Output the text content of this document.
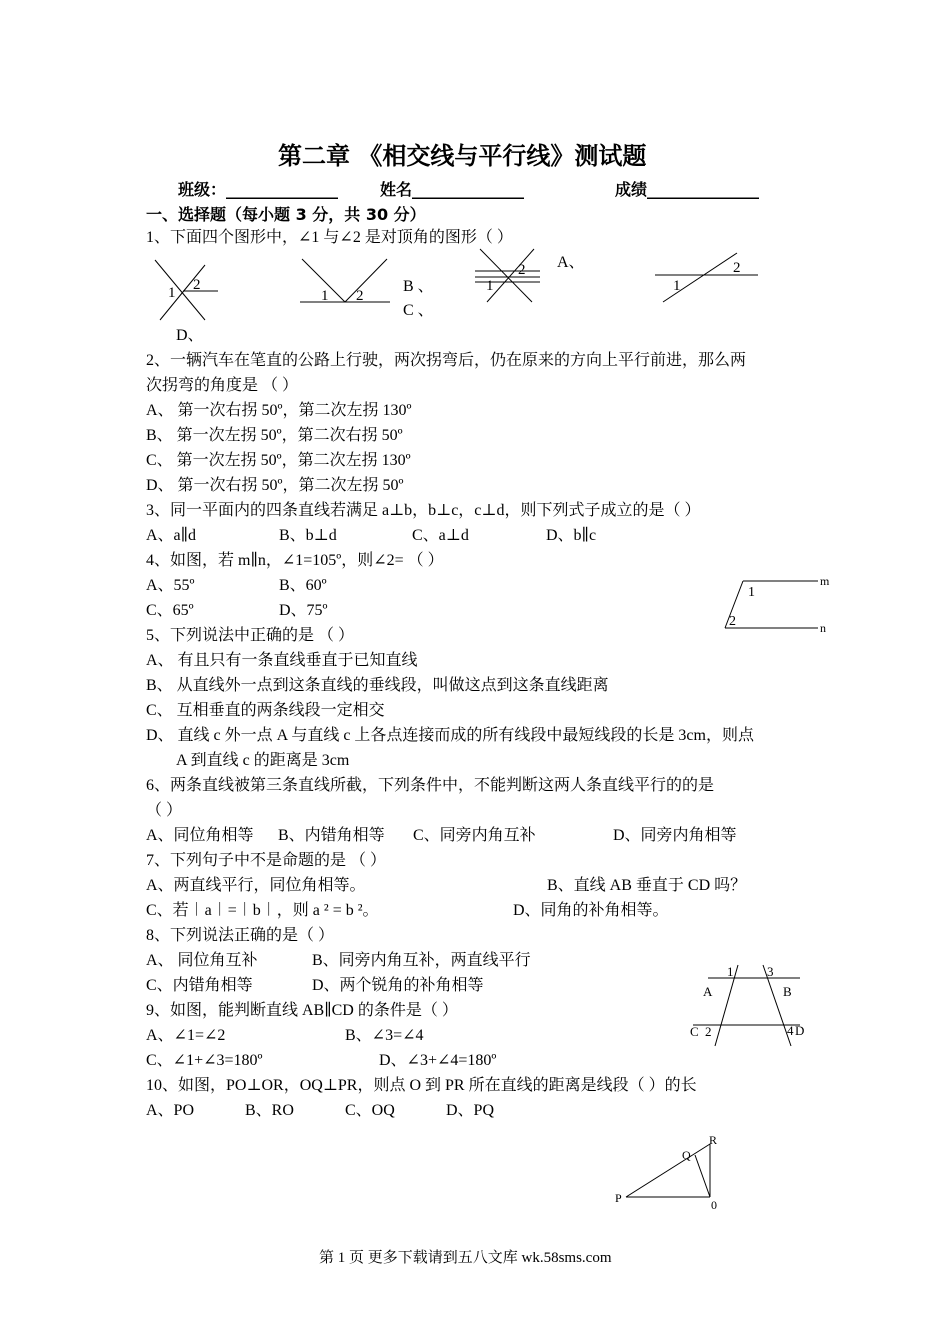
第二章 《相交线与平行线》测试题
班级：______________	姓名______________	成绩______________
一、选择题（每小题 3 分，共 30 分）
1、下面四个图形中，∠1 与∠2 是对顶角的图形（ ）
1 2
1 2
B 、
C 、
1
2 A、
1
2
D、
2、一辆汽车在笔直的公路上行驶，两次拐弯后，仍在原来的方向上平行前进，那么两
次拐弯的角度是 （ ）
A、 第一次右拐 50º，第二次左拐 130º
B、 第一次左拐 50º，第二次右拐 50º
C、 第一次左拐 50º，第二次左拐 130º
D、 第一次右拐 50º，第二次左拐 50º
3、同一平面内的四条直线若满足 a⊥b，b⊥c，c⊥d，则下列式子成立的是（ ）
A、a∥d	B、b⊥d	C、a⊥d	D、b∥c
4、如图，若 m∥n，∠1=105º，则∠2= （ ）
A、55º	B、60º
C、65º	D、75º
m
n
1
2
5、下列说法中正确的是 （ ）
A、 有且只有一条直线垂直于已知直线
B、 从直线外一点到这条直线的垂线段，叫做这点到这条直线距离
C、 互相垂直的两条线段一定相交
D、 直线 c 外一点 A 与直线 c 上各点连接而成的所有线段中最短线段的长是 3cm，则点
A 到直线 c 的距离是 3cm
6、两条直线被第三条直线所截，下列条件中，不能判断这两人条直线平行的的是
（ ）
A、同位角相等 B、内错角相等 C、同旁内角互补	D、同旁内角相等
7、下列句子中不是命题的是 （ ）
A、两直线平行，同位角相等。	B、直线 AB 垂直于 CD 吗？
C、若︱a︱=︱b︱，则 a ² = b ²。	D、同角的补角相等。
8、下列说法正确的是（ ）
A、 同位角互补	B、同旁内角互补，两直线平行
C、内错角相等	D、两个锐角的补角相等	A	B
C	D
1	3
2	4
9、如图，能判断直线 AB∥CD 的条件是（ ）
A、∠1=∠2	B、∠3=∠4
C、∠1+∠3=180º	D、∠3+∠4=180º
10、如图，PO⊥OR，OQ⊥PR，则点 O 到 PR 所在直线的距离是线段（ ）的长
A、PO	B、RO	C、OQ	D、PQ
P
Q
R
0
第 1 页 更多下载请到五八文库 wk.58sms.com
